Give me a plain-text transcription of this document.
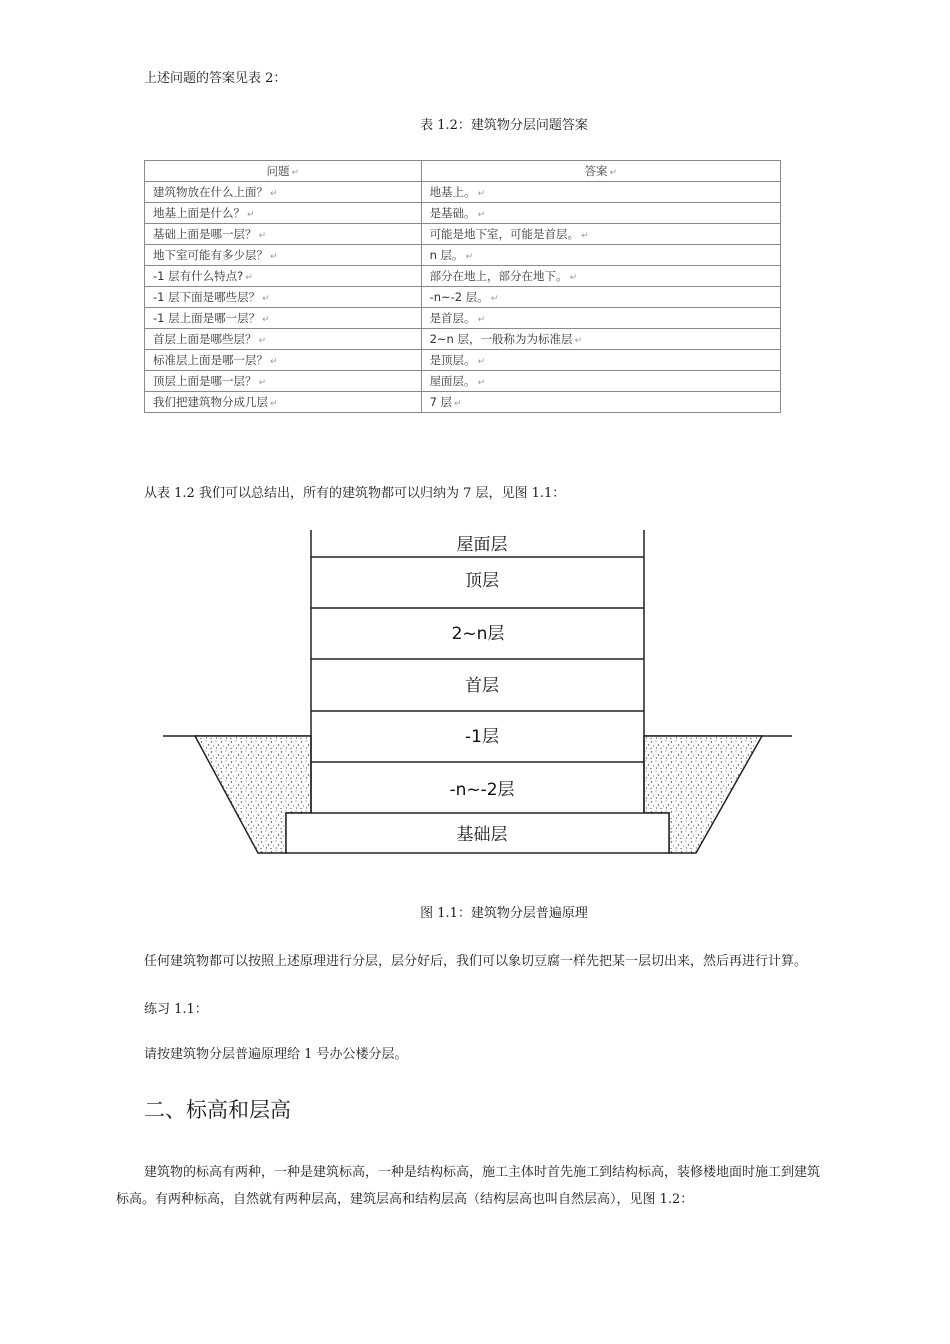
上述问题的答案见表 2：
表 1.2：建筑物分层问题答案
问题 ↵	答案 ↵
建筑物放在什么上面？ ↵	地基上。 ↵
地基上面是什么？ ↵	是基础。 ↵
基础上面是哪一层？ ↵	可能是地下室，可能是首层。 ↵
地下室可能有多少层？ ↵	n 层。 ↵
-1 层有什么特点? ↵	部分在地上，部分在地下。 ↵
-1 层下面是哪些层？ ↵	-n~-2 层。 ↵
-1 层上面是哪一层？ ↵	是首层。 ↵
首层上面是哪些层？ ↵	2~n 层，一般称为为标准层 ↵
标准层上面是哪一层？ ↵	是顶层。 ↵
顶层上面是哪一层？ ↵	屋面层。 ↵
我们把建筑物分成几层 ↵	7 层 ↵
从表 1.2 我们可以总结出，所有的建筑物都可以归纳为 7 层，见图 1.1：
屋面层
顶层
2~n层
首层
-1层
-n~-2层
基础层
图 1.1：建筑物分层普遍原理
任何建筑物都可以按照上述原理进行分层，层分好后，我们可以象切豆腐一样先把某一层切出来，然后再进行计算。
练习 1.1：
请按建筑物分层普遍原理给 1 号办公楼分层。
二、标高和层高
建筑物的标高有两种，一种是建筑标高，一种是结构标高，施工主体时首先施工到结构标高，装修楼地面时施工到建筑
标高。有两种标高，自然就有两种层高，建筑层高和结构层高（结构层高也叫自然层高），见图 1.2：
